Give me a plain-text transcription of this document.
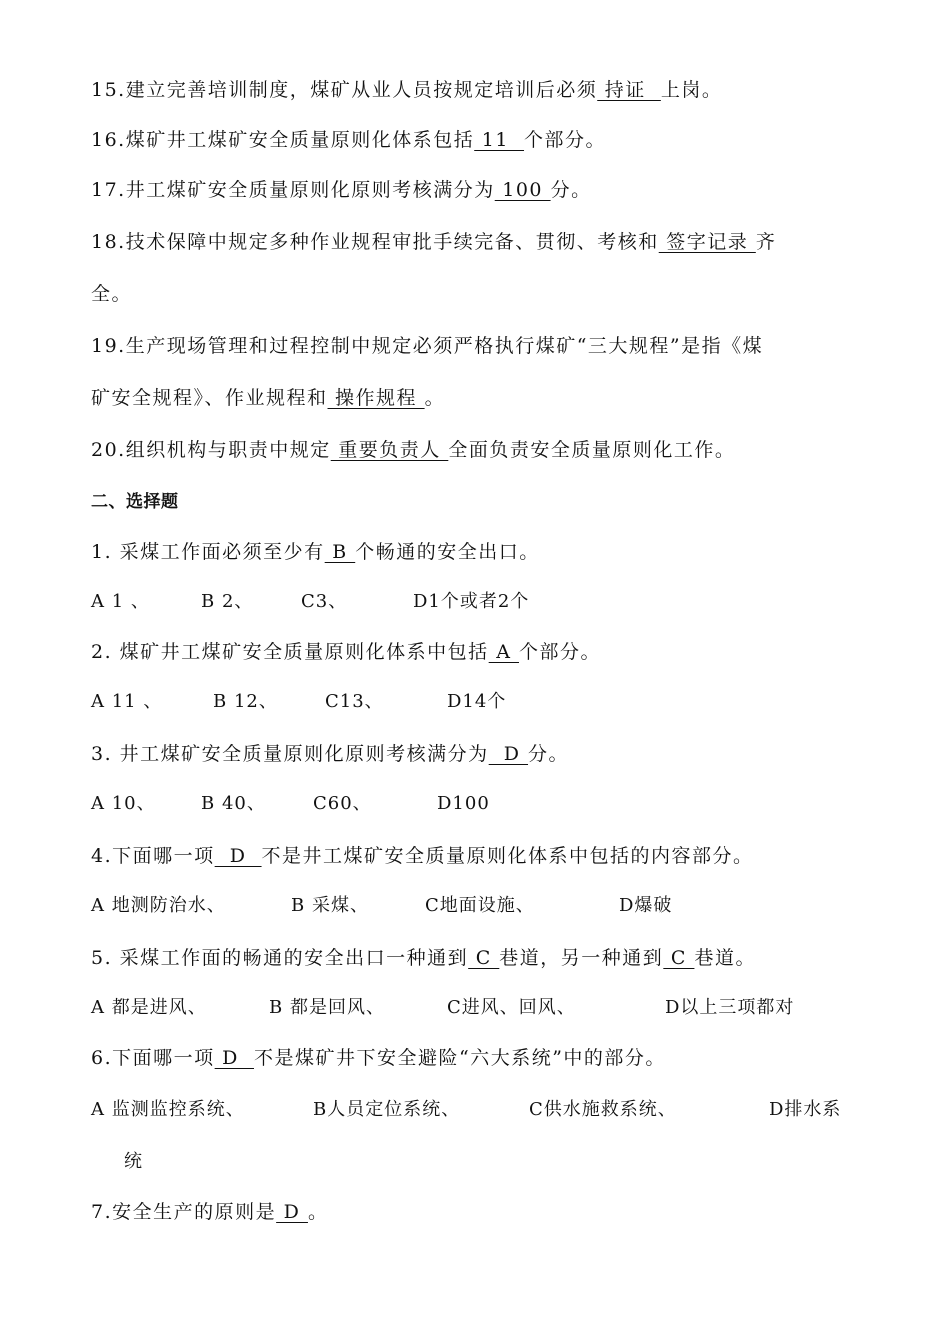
15.建立完善培训制度，煤矿从业人员按规定培训后必须 持证  上岗。
16.煤矿井工煤矿安全质量原则化体系包括 11  个部分。
17.井工煤矿安全质量原则化原则考核满分为 100 分。
18.技术保障中规定多种作业规程审批手续完备、贯彻、考核和 签字记录 齐
全。
19.生产现场管理和过程控制中规定必须严格执行煤矿“三大规程”是指《煤
矿安全规程》、作业规程和 操作规程 。
20.组织机构与职责中规定 重要负责人 全面负责安全质量原则化工作。
二、选择题
1. 采煤工作面必须至少有 B 个畅通的安全出口。

A 1 、

	B 2、

	C3、

	D1个或者2个

2. 煤矿井工煤矿安全质量原则化体系中包括 A 个部分。

A 11 、

	B 12、

	C13、

	D14个

3. 井工煤矿安全质量原则化原则考核满分为  D 分。

A 10、

	B 40、

	C60、

	D100

4.下面哪一项  D  不是井工煤矿安全质量原则化体系中包括的内容部分。

A 地测防治水、

	B 采煤、

	C地面设施、

	D爆破

5. 采煤工作面的畅通的安全出口一种通到 C 巷道，另一种通到 C 巷道。

A 都是进风、

	B 都是回风、

	C进风、回风、

	D以上三项都对

6.下面哪一项 D  不是煤矿井下安全避险“六大系统”中的部分。

A 监测监控系统、

	B人员定位系统、

	C供水施救系统、

	D排水系

统
7.安全生产的原则是 D 。
